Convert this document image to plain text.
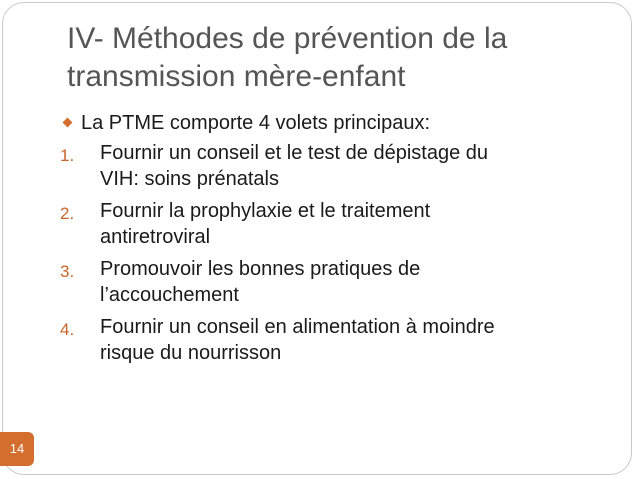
IV- Méthodes de prévention de la
transmission mère-enfant
La PTME comporte 4 volets principaux:
1.	Fournir un conseil et le test de dépistage du
VIH: soins prénatals
2.	Fournir la prophylaxie et le traitement
antiretroviral
3.	Promouvoir les bonnes pratiques de
l’accouchement
4.	Fournir un conseil en alimentation à moindre
risque du nourrisson
14
